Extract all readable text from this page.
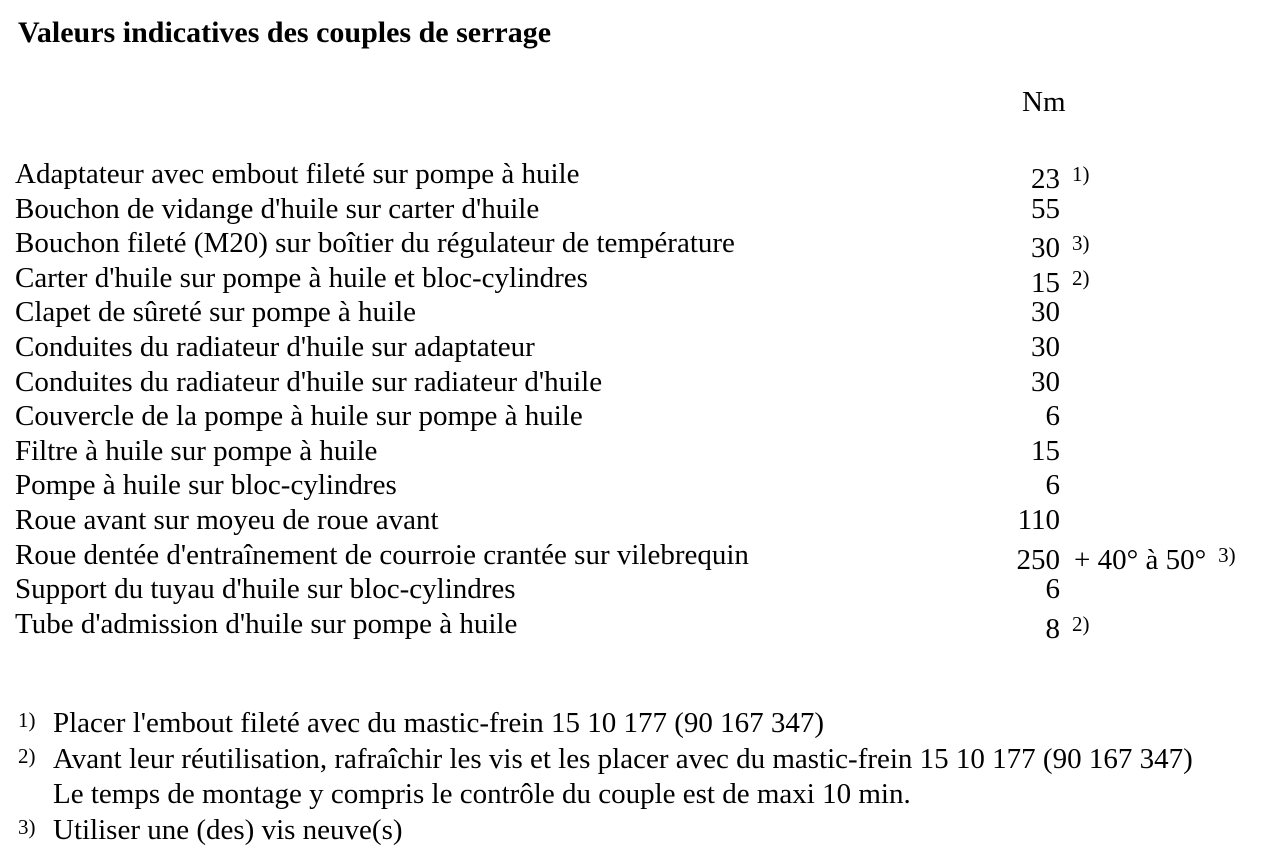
Valeurs indicatives des couples de serrage
Nm
Adaptateur avec embout fileté sur pompe à huile	23 $^{1)}$
Bouchon de vidange d'huile sur carter d'huile	55
Bouchon fileté (M20) sur boîtier du régulateur de température	30 $^{3)}$
Carter d'huile sur pompe à huile et bloc-cylindres	15 $^{2)}$
Clapet de sûreté sur pompe à huile	30
Conduites du radiateur d'huile sur adaptateur	30
Conduites du radiateur d'huile sur radiateur d'huile	30
Couvercle de la pompe à huile sur pompe à huile	6
Filtre à huile sur pompe à huile	15
Pompe à huile sur bloc-cylindres	6
Roue avant sur moyeu de roue avant	110
Roue dentée d'entraînement de courroie crantée sur vilebrequin	250 + 40° à 50° $^{3)}$
Support du tuyau d'huile sur bloc-cylindres	6
Tube d'admission d'huile sur pompe à huile	8 $^{2)}$
1) Placer l'embout fileté avec du mastic-frein 15 10 177 (90 167 347)
2) Avant leur réutilisation, rafraîchir les vis et les placer avec du mastic-frein 15 10 177 (90 167 347)
Le temps de montage y compris le contrôle du couple est de maxi 10 min.
3) Utiliser une (des) vis neuve(s)
